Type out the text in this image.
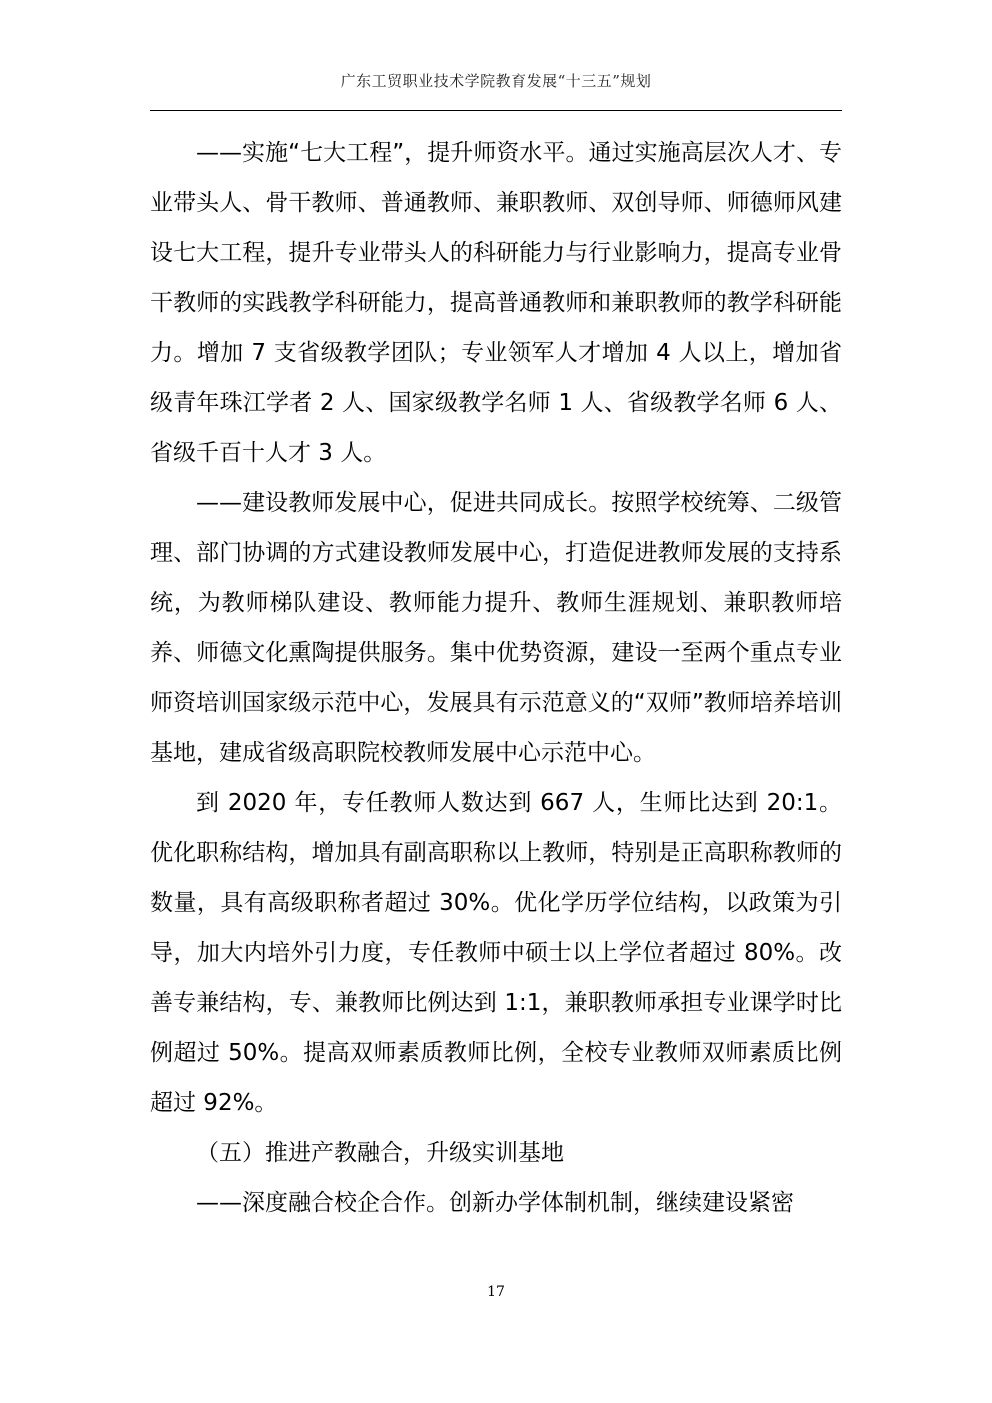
广东工贸职业技术学院教育发展“十三五”规划

——实施“七大工程”，提升师资水平。通过实施高层次人才、专业带头人、骨干教师、普通教师、兼职教师、双创导师、师德师风建设七大工程，提升专业带头人的科研能力与行业影响力，提高专业骨干教师的实践教学科研能力，提高普通教师和兼职教师的教学科研能力。增加 7 支省级教学团队；专业领军人才增加 4 人以上，增加省级青年珠江学者 2 人、国家级教学名师 1 人、省级教学名师 6 人、省级千百十人才 3 人。

——建设教师发展中心，促进共同成长。按照学校统筹、二级管理、部门协调的方式建设教师发展中心，打造促进教师发展的支持系统，为教师梯队建设、教师能力提升、教师生涯规划、兼职教师培养、师德文化熏陶提供服务。集中优势资源，建设一至两个重点专业师资培训国家级示范中心，发展具有示范意义的“双师”教师培养培训基地，建成省级高职院校教师发展中心示范中心。

到 2020 年，专任教师人数达到 667 人，生师比达到 20:1。优化职称结构，增加具有副高职称以上教师，特别是正高职称教师的数量，具有高级职称者超过 30%。优化学历学位结构，以政策为引导，加大内培外引力度，专任教师中硕士以上学位者超过 80%。改善专兼结构，专、兼教师比例达到 1:1，兼职教师承担专业课学时比例超过 50%。提高双师素质教师比例，全校专业教师双师素质比例超过 92%。

（五）推进产教融合，升级实训基地

——深度融合校企合作。创新办学体制机制，继续建设紧密

17
